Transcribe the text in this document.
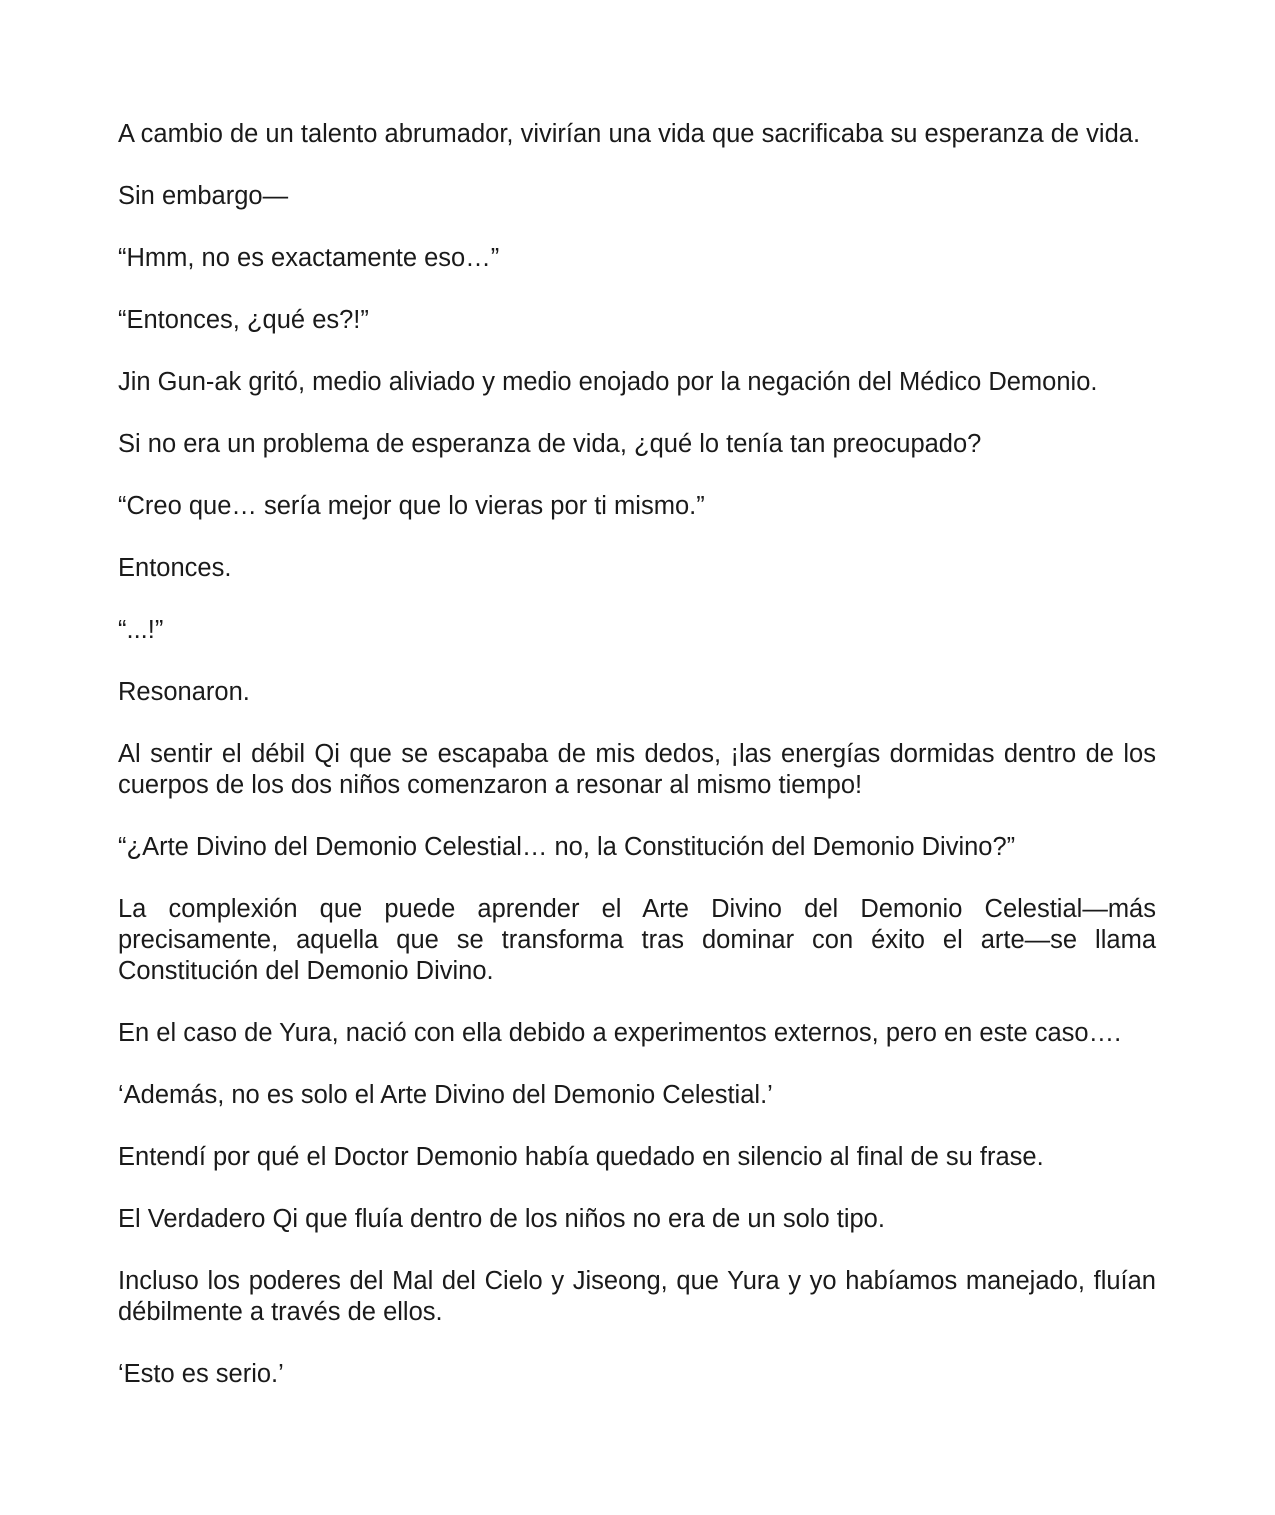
A cambio de un talento abrumador, vivirían una vida que sacrificaba su esperanza de vida.

Sin embargo—

“Hmm, no es exactamente eso…”

“Entonces, ¿qué es?!”

Jin Gun-ak gritó, medio aliviado y medio enojado por la negación del Médico Demonio.

Si no era un problema de esperanza de vida, ¿qué lo tenía tan preocupado?

“Creo que… sería mejor que lo vieras por ti mismo.”

Entonces.

“...!”

Resonaron.

Al sentir el débil Qi que se escapaba de mis dedos, ¡las energías dormidas dentro de los cuerpos de los dos niños comenzaron a resonar al mismo tiempo!

“¿Arte Divino del Demonio Celestial… no, la Constitución del Demonio Divino?”

La complexión que puede aprender el Arte Divino del Demonio Celestial—más precisamente, aquella que se transforma tras dominar con éxito el arte—se llama Constitución del Demonio Divino.

En el caso de Yura, nació con ella debido a experimentos externos, pero en este caso….

‘Además, no es solo el Arte Divino del Demonio Celestial.’

Entendí por qué el Doctor Demonio había quedado en silencio al final de su frase.

El Verdadero Qi que fluía dentro de los niños no era de un solo tipo.

Incluso los poderes del Mal del Cielo y Jiseong, que Yura y yo habíamos manejado, fluían débilmente a través de ellos.

‘Esto es serio.’
